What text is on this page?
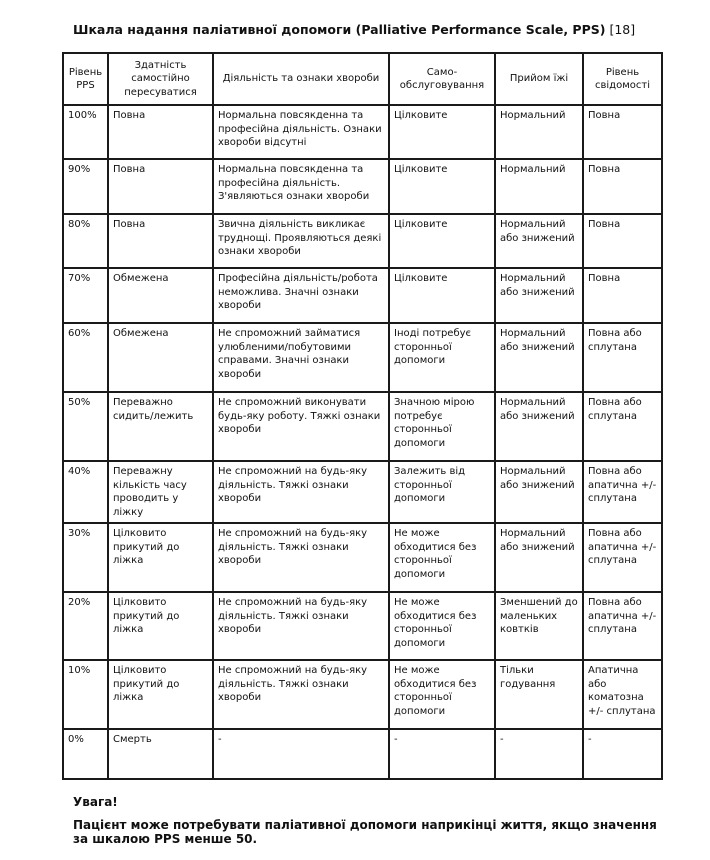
Шкала надання паліативної допомоги (Palliative Performance Scale, PPS) [18]
Рівень PPS	Здатність самостійно пересуватися	Діяльність та ознаки хвороби	Само-обслуговування	Прийом їжі	Рівень свідомості
100%	Повна	Нормальна повсякденна та професійна діяльність. Ознаки хвороби відсутні	Цілковите	Нормальний	Повна
90%	Повна	Нормальна повсякденна та професійна діяльність. З'являються ознаки хвороби	Цілковите	Нормальний	Повна
80%	Повна	Звична діяльність викликає труднощі. Проявляються деякі ознаки хвороби	Цілковите	Нормальний або знижений	Повна
70%	Обмежена	Професійна діяльність/робота неможлива. Значні ознаки хвороби	Цілковите	Нормальний або знижений	Повна
60%	Обмежена	Не спроможний займатися улюбленими/побутовими справами. Значні ознаки хвороби	Іноді потребує сторонньої допомоги	Нормальний або знижений	Повна або сплутана
50%	Переважно сидить/лежить	Не спроможний виконувати будь-яку роботу. Тяжкі ознаки хвороби	Значною мірою потребує сторонньої допомоги	Нормальний або знижений	Повна або сплутана
40%	Переважну кількість часу проводить у ліжку	Не спроможний на будь-яку діяльність. Тяжкі ознаки хвороби	Залежить від сторонньої допомоги	Нормальний або знижений	Повна або апатична +/- сплутана
30%	Цілковито прикутий до ліжка	Не спроможний на будь-яку діяльність. Тяжкі ознаки хвороби	Не може обходитися без сторонньої допомоги	Нормальний або знижений	Повна або апатична +/- сплутана
20%	Цілковито прикутий до ліжка	Не спроможний на будь-яку діяльність. Тяжкі ознаки хвороби	Не може обходитися без сторонньої допомоги	Зменшений до маленьких ковтків	Повна або апатична +/- сплутана
10%	Цілковито прикутий до ліжка	Не спроможний на будь-яку діяльність. Тяжкі ознаки хвороби	Не може обходитися без сторонньої допомоги	Тільки годування	Апатична або коматозна +/- сплутана
0%	Смерть	-	-	-	-
Увага!
Пацієнт може потребувати паліативної допомоги наприкінці життя, якщо значення за шкалою PPS менше 50.
